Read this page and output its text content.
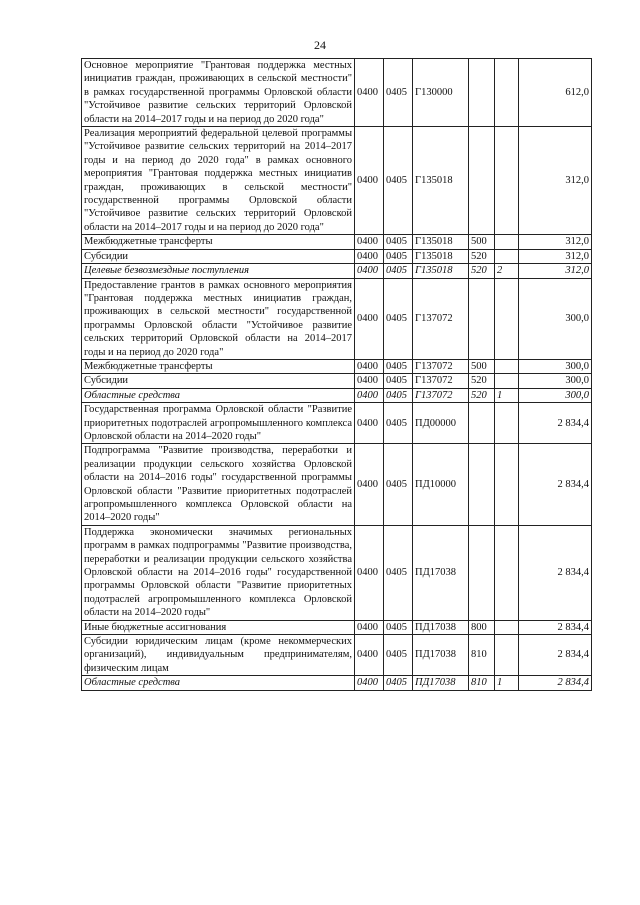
24
Основное мероприятие "Грантовая поддержка местных инициатив граждан, проживающих в сельской местности" в рамках государственной программы Орловской области "Устойчивое развитие сельских территорий Орловской области на 2014–2017 годы и на период до 2020 года"	0400	0405	Г130000			612,0
Реализация мероприятий федеральной целевой программы "Устойчивое развитие сельских территорий на 2014–2017 годы и на период до 2020 года" в рамках основного мероприятия "Грантовая поддержка местных инициатив граждан, проживающих в сельской местности" государственной программы Орловской области "Устойчивое развитие сельских территорий Орловской области на 2014–2017 годы и на период до 2020 года"	0400	0405	Г135018			312,0
Межбюджетные трансферты	0400	0405	Г135018	500		312,0
Субсидии	0400	0405	Г135018	520		312,0
Целевые безвозмездные поступления	0400	0405	Г135018	520	2	312,0
Предоставление грантов в рамках основного мероприятия "Грантовая поддержка местных инициатив граждан, проживающих в сельской местности" государственной программы Орловской области "Устойчивое развитие сельских территорий Орловской области на 2014–2017 годы и на период до 2020 года"	0400	0405	Г137072			300,0
Межбюджетные трансферты	0400	0405	Г137072	500		300,0
Субсидии	0400	0405	Г137072	520		300,0
Областные средства	0400	0405	Г137072	520	1	300,0
Государственная программа Орловской области "Развитие приоритетных подотраслей агропромышленного комплекса Орловской области на 2014–2020 годы"	0400	0405	ПД00000			2 834,4
Подпрограмма "Развитие производства, переработки и реализации продукции сельского хозяйства Орловской области на 2014–2016 годы" государственной программы Орловской области "Развитие приоритетных подотраслей агропромышленного комплекса Орловской области на 2014–2020 годы"	0400	0405	ПД10000			2 834,4
Поддержка экономически значимых региональных программ в рамках подпрограммы "Развитие производства, переработки и реализации продукции сельского хозяйства Орловской области на 2014–2016 годы" государственной программы Орловской области "Развитие приоритетных подотраслей агропромышленного комплекса Орловской области на 2014–2020 годы"	0400	0405	ПД17038			2 834,4
Иные бюджетные ассигнования	0400	0405	ПД17038	800		2 834,4
Субсидии юридическим лицам (кроме некоммерческих организаций), индивидуальным предпринимателям, физическим лицам	0400	0405	ПД17038	810		2 834,4
Областные средства	0400	0405	ПД17038	810	1	2 834,4
